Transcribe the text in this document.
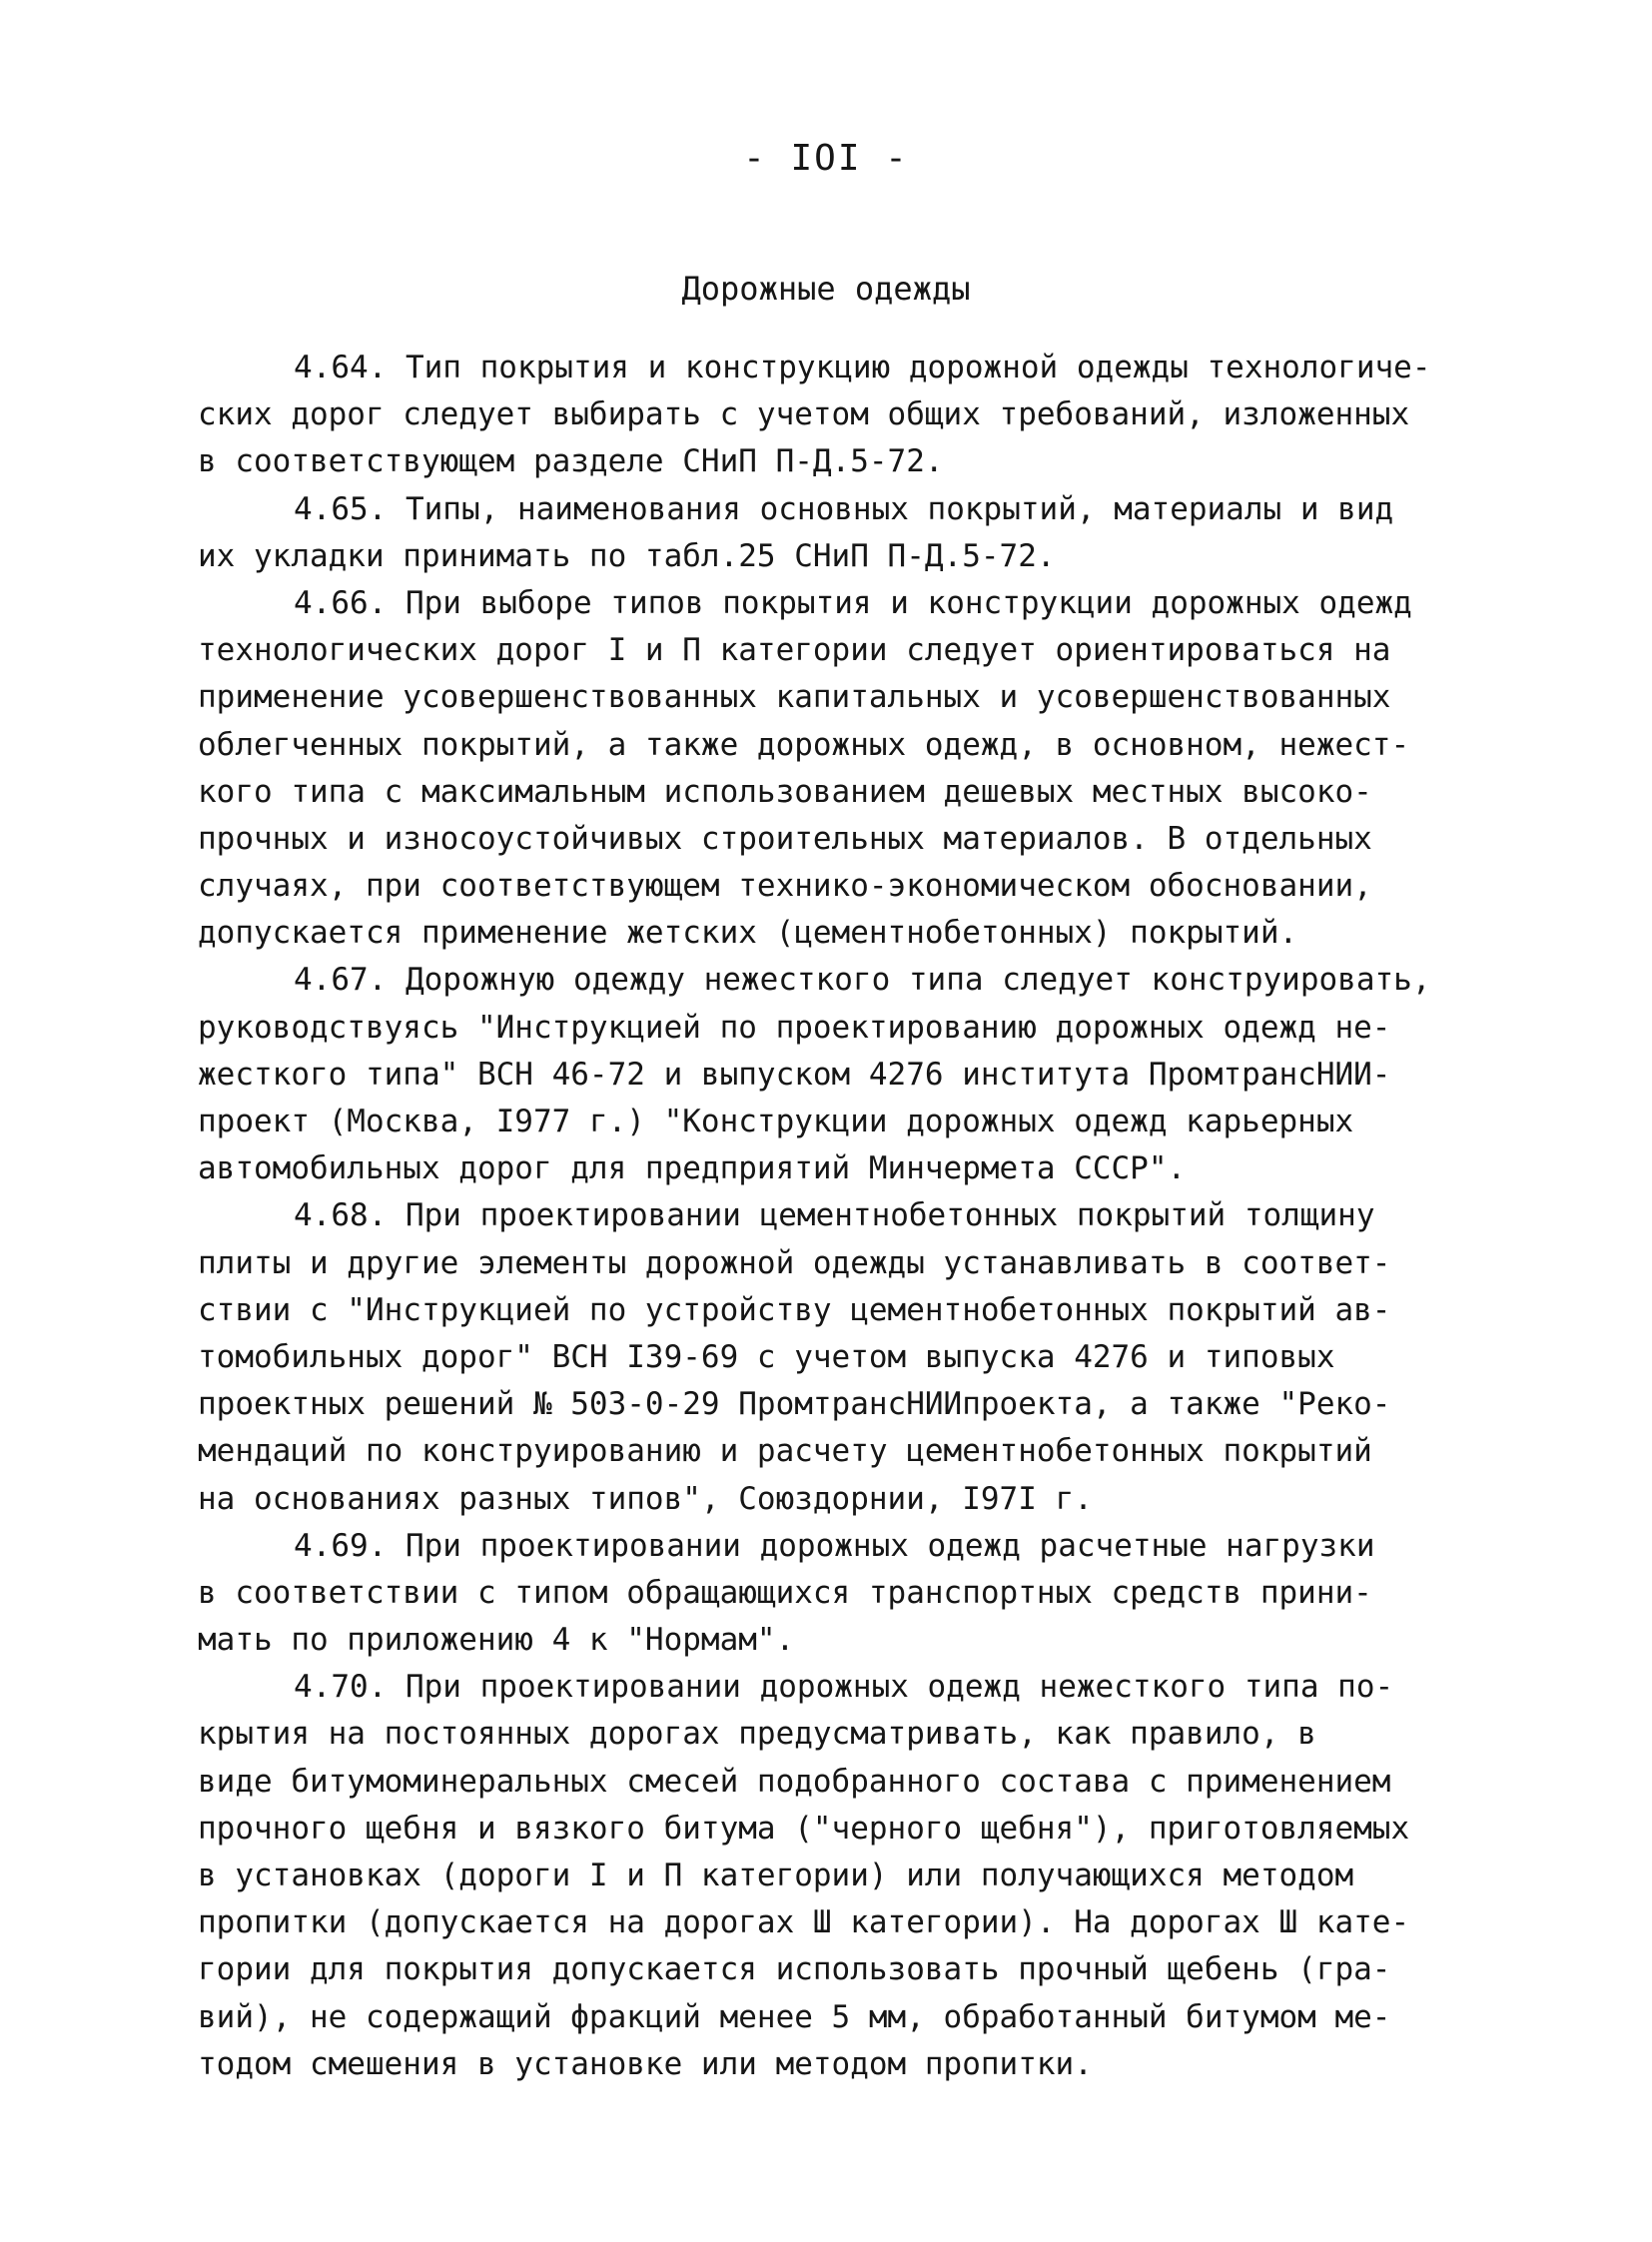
- IOI -
Дорожные одежды
4.64. Тип покрытия и конструкцию дорожной одежды технологиче-
ских дорог следует выбирать с учетом общих требований, изложенных
в соответствующем разделе СНиП П-Д.5-72.
4.65. Типы, наименования основных покрытий, материалы и вид
их укладки принимать по табл.25 СНиП П-Д.5-72.
4.66. При выборе типов покрытия и конструкции дорожных одежд
технологических дорог I и П категории следует ориентироваться на
применение усовершенствованных капитальных и усовершенствованных
облегченных покрытий, а также дорожных одежд, в основном, нежест-
кого типа с максимальным использованием дешевых местных высоко-
прочных и износоустойчивых строительных материалов. В отдельных
случаях, при соответствующем технико-экономическом обосновании,
допускается применение жетских (цементнобетонных) покрытий.
4.67. Дорожную одежду нежесткого типа следует конструировать,
руководствуясь "Инструкцией по проектированию дорожных одежд не-
жесткого типа" ВСН 46-72 и выпуском 4276 института ПромтрансНИИ-
проект (Москва, I977 г.) "Конструкции дорожных одежд карьерных
автомобильных дорог для предприятий Минчермета СССР".
4.68. При проектировании цементнобетонных покрытий толщину
плиты и другие элементы дорожной одежды устанавливать в соответ-
ствии с "Инструкцией по устройству цементнобетонных покрытий ав-
томобильных дорог" ВСН I39-69 с учетом выпуска 4276 и типовых
проектных решений № 503-0-29 ПромтрансНИИпроекта, а также "Реко-
мендаций по конструированию и расчету цементнобетонных покрытий
на основаниях разных типов", Союздорнии, I97I г.
4.69. При проектировании дорожных одежд расчетные нагрузки
в соответствии с типом обращающихся транспортных средств прини-
мать по приложению 4 к "Нормам".
4.70. При проектировании дорожных одежд нежесткого типа по-
крытия на постоянных дорогах предусматривать, как правило, в
виде битумоминеральных смесей подобранного состава с применением
прочного щебня и вязкого битума ("черного щебня"), приготовляемых
в установках (дороги I и П категории) или получающихся методом
пропитки (допускается на дорогах Ш категории). На дорогах Ш кате-
гории для покрытия допускается использовать прочный щебень (гра-
вий), не содержащий фракций менее 5 мм, обработанный битумом ме-
тодом смешения в установке или методом пропитки.
